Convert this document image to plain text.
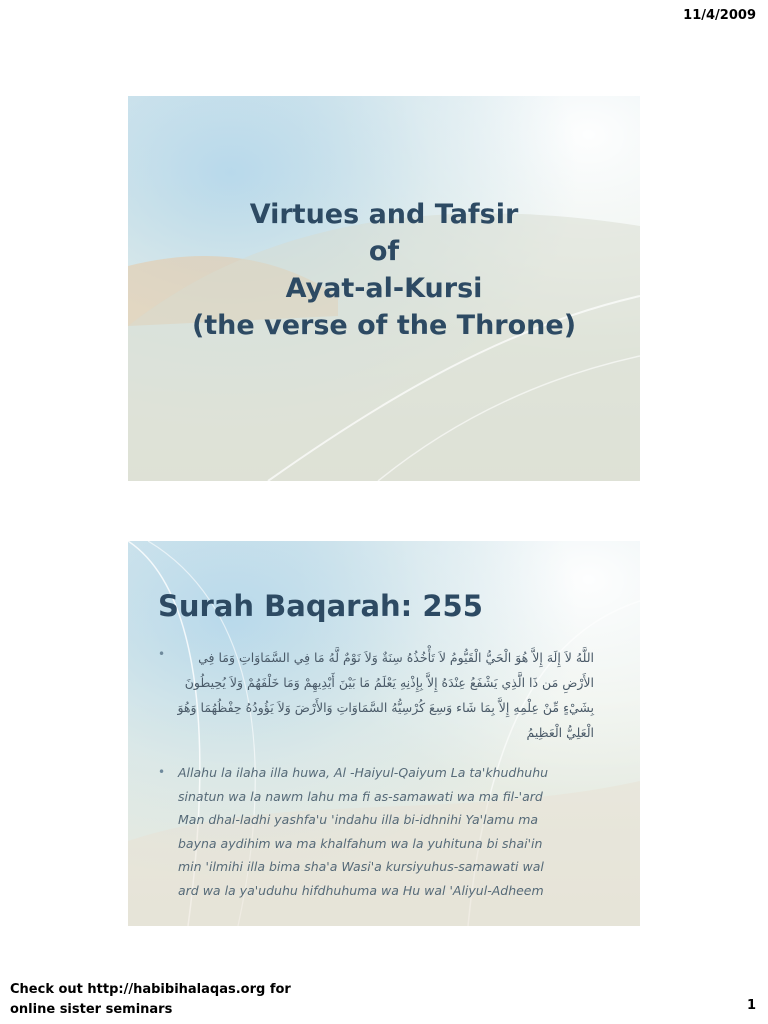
11/4/2009
Virtues and Tafsir
of
Ayat-al-Kursi
(the verse of the Throne)
Surah Baqarah: 255
•	اللَّهُ لاَ إِلَهَ إِلاَّ هُوَ الْحَيُّ الْقَيُّومُ لاَ تَأْخُذُهُ سِنَةٌ وَلاَ نَوْمٌ لَّهُ مَا فِي السَّمَاوَاتِ وَمَا فِي الأَرْضِ مَن ذَا الَّذِي يَشْفَعُ عِنْدَهُ إِلاَّ بِإِذْنِهِ يَعْلَمُ مَا بَيْنَ أَيْدِيهِمْ وَمَا خَلْفَهُمْ وَلاَ يُحِيطُونَ بِشَيْءٍ مِّنْ عِلْمِهِ إِلاَّ بِمَا شَاء وَسِعَ كُرْسِيُّهُ السَّمَاوَاتِ وَالأَرْضَ وَلاَ يَؤُودُهُ حِفْظُهُمَا وَهُوَ الْعَلِيُّ الْعَظِيمُ
• Allahu la ilaha illa huwa, Al -Haiyul-Qaiyum La ta'khudhuhu
sinatun wa la nawm lahu ma fi as-samawati wa ma fil-'ard
Man dhal-ladhi yashfa'u 'indahu illa bi-idhnihi Ya'lamu ma
bayna aydihim wa ma khalfahum wa la yuhituna bi shai'in
min 'ilmihi illa bima sha'a Wasi'a kursiyuhus-samawati wal
ard wa la ya'uduhu hifdhuhuma wa Hu wal 'Aliyul-Adheem
Check out http://habibihalaqas.org for
online sister seminars	1
